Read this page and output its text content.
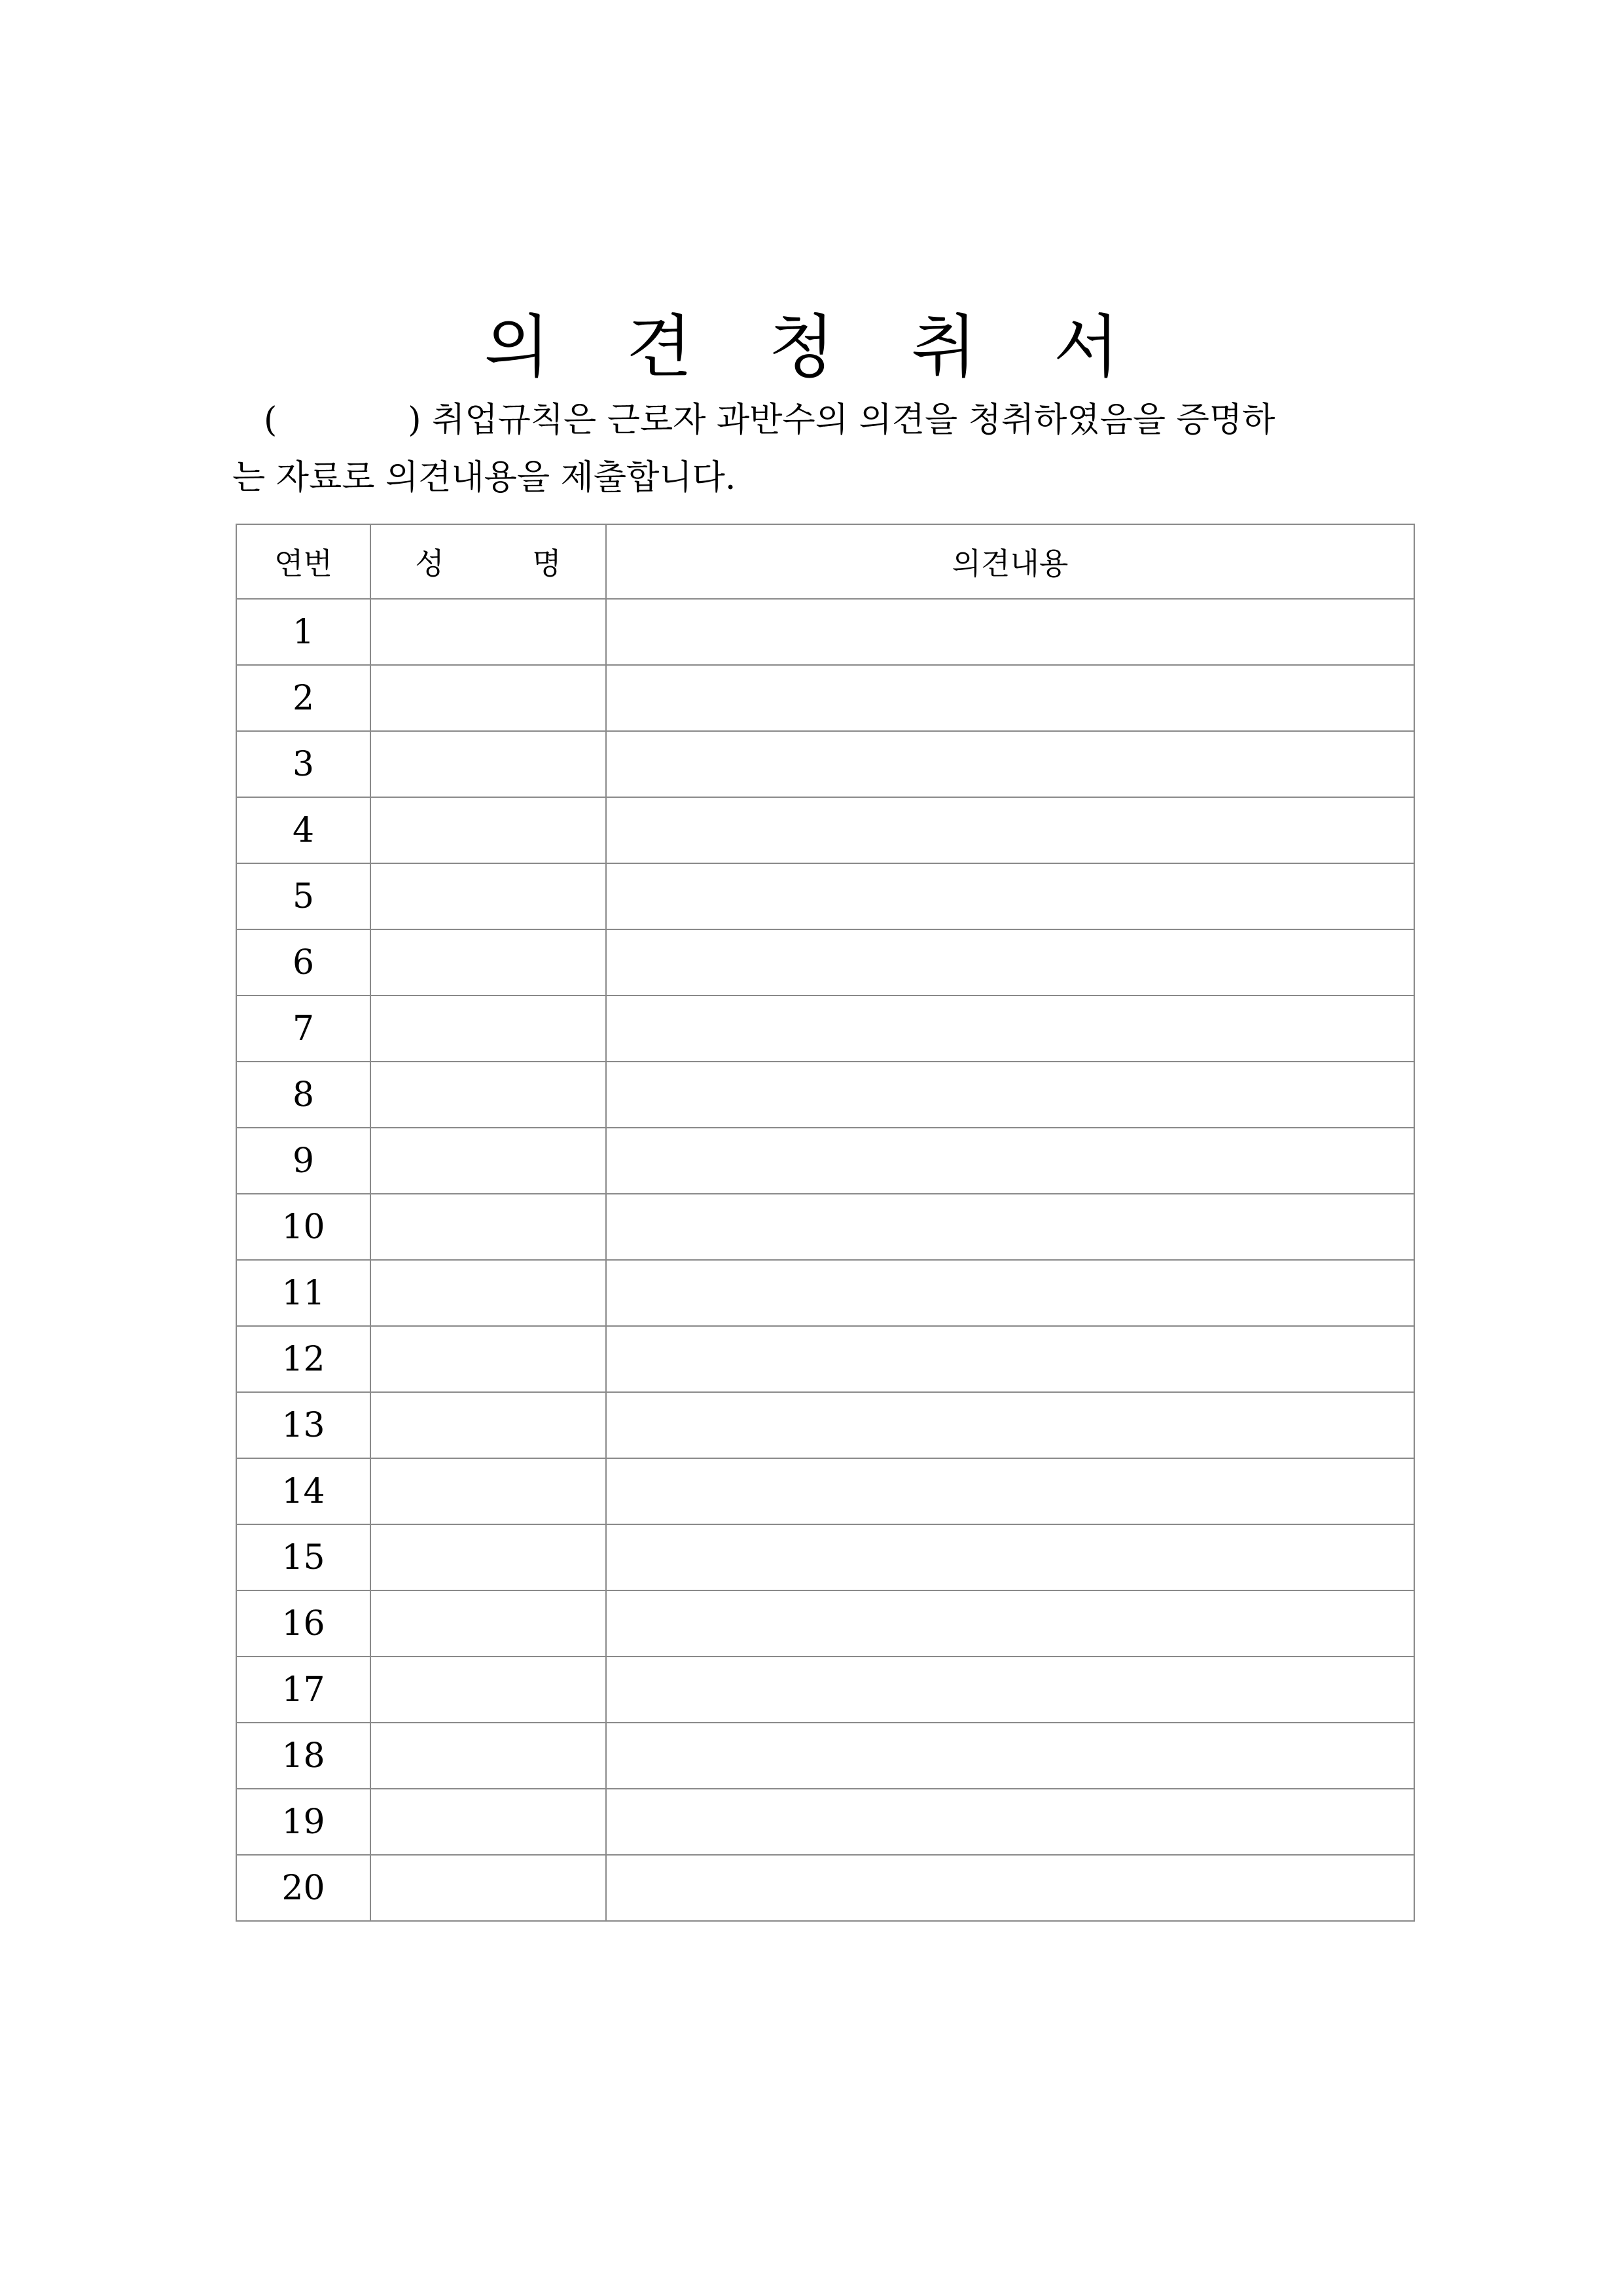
의 견 청 취 서
(	) 취업규칙은 근로자 과반수의 의견을 청취하였음을 증명하
는 자료로 의견내용을 제출합니다.
연번	성 명	의견내용
1		
2		
3		
4		
5		
6		
7		
8		
9		
10		
11		
12		
13		
14		
15		
16		
17		
18		
19		
20		
